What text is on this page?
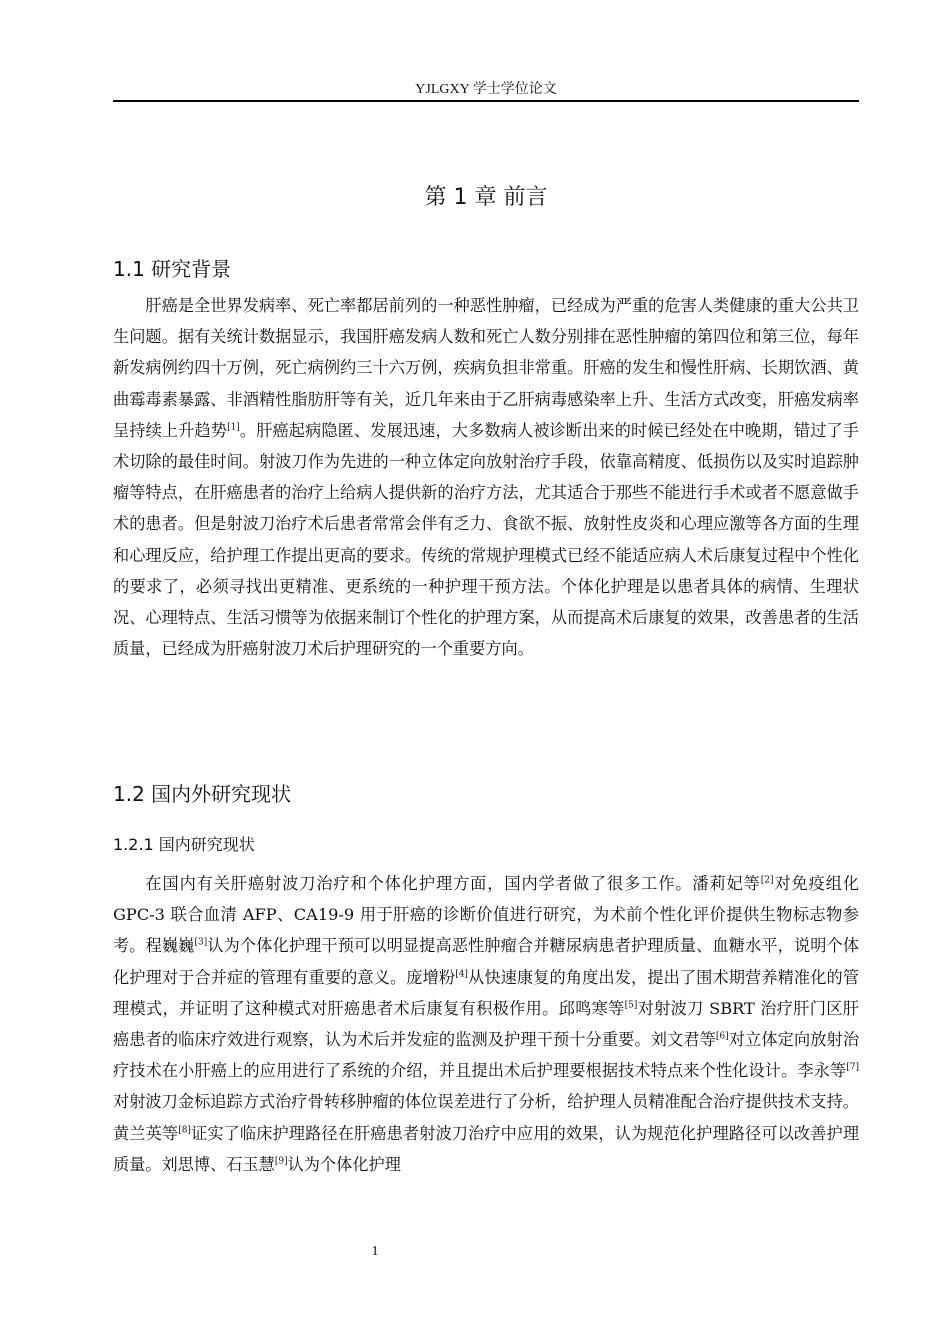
YJLGXY 学士学位论文
第 1 章 前言
1.1 研究背景

肝癌是全世界发病率、死亡率都居前列的一种恶性肿瘤，已经成为严重的危害人类健康的重大公共卫生问题。据有关统计数据显示，我国肝癌发病人数和死亡人数分别排在恶性肿瘤的第四位和第三位，每年新发病例约四十万例，死亡病例约三十六万例，疾病负担非常重。肝癌的发生和慢性肝病、长期饮酒、黄曲霉毒素暴露、非酒精性脂肪肝等有关，近几年来由于乙肝病毒感染率上升、生活方式改变，肝癌发病率呈持续上升趋势[1]。肝癌起病隐匿、发展迅速，大多数病人被诊断出来的时候已经处在中晚期，错过了手术切除的最佳时间。射波刀作为先进的一种立体定向放射治疗手段，依靠高精度、低损伤以及实时追踪肿瘤等特点，在肝癌患者的治疗上给病人提供新的治疗方法，尤其适合于那些不能进行手术或者不愿意做手术的患者。但是射波刀治疗术后患者常常会伴有乏力、食欲不振、放射性皮炎和心理应激等各方面的生理和心理反应，给护理工作提出更高的要求。传统的常规护理模式已经不能适应病人术后康复过程中个性化的要求了，必须寻找出更精准、更系统的一种护理干预方法。个体化护理是以患者具体的病情、生理状况、心理特点、生活习惯等为依据来制订个性化的护理方案，从而提高术后康复的效果，改善患者的生活质量，已经成为肝癌射波刀术后护理研究的一个重要方向。

1.2 国内外研究现状
1.2.1 国内研究现状

在国内有关肝癌射波刀治疗和个体化护理方面，国内学者做了很多工作。潘莉妃等[2]对免疫组化 GPC-3 联合血清 AFP、CA19-9 用于肝癌的诊断价值进行研究，为术前个性化评价提供生物标志物参考。程巍巍[3]认为个体化护理干预可以明显提高恶性肿瘤合并糖尿病患者护理质量、血糖水平，说明个体化护理对于合并症的管理有重要的意义。庞增粉[4]从快速康复的角度出发，提出了围术期营养精准化的管理模式，并证明了这种模式对肝癌患者术后康复有积极作用。邱鸣寒等[5]对射波刀 SBRT 治疗肝门区肝癌患者的临床疗效进行观察，认为术后并发症的监测及护理干预十分重要。刘文君等[6]对立体定向放射治疗技术在小肝癌上的应用进行了系统的介绍，并且提出术后护理要根据技术特点来个性化设计。李永等[7]对射波刀金标追踪方式治疗骨转移肿瘤的体位误差进行了分析，给护理人员精准配合治疗提供技术支持。黄兰英等[8]证实了临床护理路径在肝癌患者射波刀治疗中应用的效果，认为规范化护理路径可以改善护理质量。刘思博、石玉慧[9]认为个体化护理

1
